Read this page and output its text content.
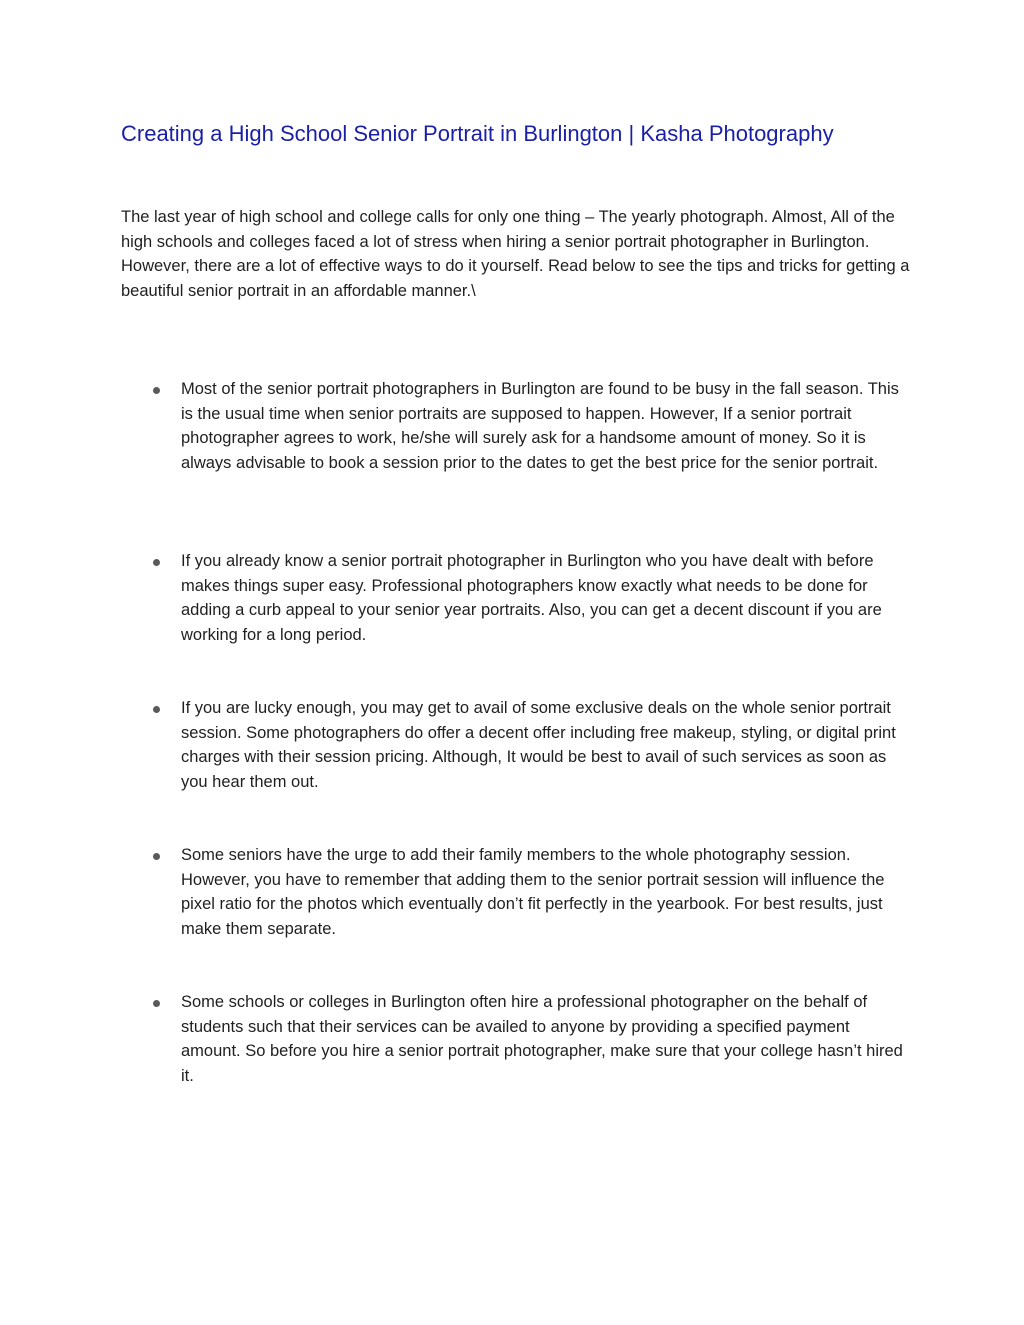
Creating a High School Senior Portrait in Burlington | Kasha Photography

The last year of high school and college calls for only one thing – The yearly photograph. Almost, All of the high schools and colleges faced a lot of stress when hiring a senior portrait photographer in Burlington. However, there are a lot of effective ways to do it yourself. Read below to see the tips and tricks for getting a beautiful senior portrait in an affordable manner.\

Most of the senior portrait photographers in Burlington are found to be busy in the fall season. This is the usual time when senior portraits are supposed to happen. However, If a senior portrait photographer agrees to work, he/she will surely ask for a handsome amount of money. So it is always advisable to book a session prior to the dates to get the best price for the senior portrait.

If you already know a senior portrait photographer in Burlington who you have dealt with before makes things super easy. Professional photographers know exactly what needs to be done for adding a curb appeal to your senior year portraits. Also, you can get a decent discount if you are working for a long period.

If you are lucky enough, you may get to avail of some exclusive deals on the whole senior portrait session. Some photographers do offer a decent offer including free makeup, styling, or digital print charges with their session pricing. Although, It would be best to avail of such services as soon as you hear them out.

Some seniors have the urge to add their family members to the whole photography session. However, you have to remember that adding them to the senior portrait session will influence the pixel ratio for the photos which eventually don’t fit perfectly in the yearbook. For best results, just make them separate.

Some schools or colleges in Burlington often hire a professional photographer on the behalf of students such that their services can be availed to anyone by providing a specified payment amount. So before you hire a senior portrait photographer, make sure that your college hasn’t hired it.
